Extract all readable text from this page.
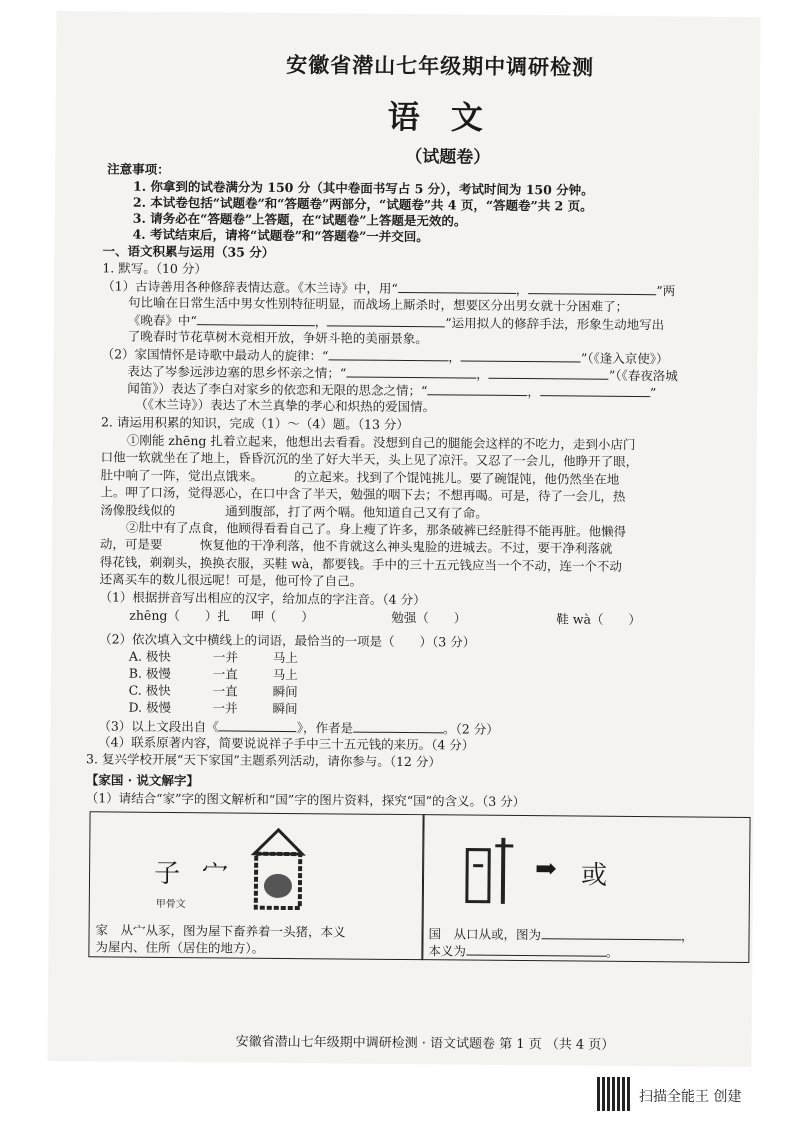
安徽省潜山七年级期中调研检测
语 文
（试题卷）
注意事项：
1. 你拿到的试卷满分为 150 分（其中卷面书写占 5 分），考试时间为 150 分钟。
2. 本试卷包括“试题卷”和“答题卷”两部分，“试题卷”共 4 页，“答题卷”共 2 页。
3. 请务必在“答题卷”上答题，在“试题卷”上答题是无效的。
4. 考试结束后，请将“试题卷”和“答题卷”一并交回。
一、语文积累与运用（35 分）
1. 默写。（10 分）
（1）古诗善用各种修辞表情达意。《木兰诗》中，用“	，	”两
句比喻在日常生活中男女性别特征明显，而战场上厮杀时，想要区分出男女就十分困难了；
《晚春》中“	，	”运用拟人的修辞手法，形象生动地写出
了晚春时节花草树木竞相开放，争妍斗艳的美丽景象。
（2）家国情怀是诗歌中最动人的旋律：“	，	”（《逢入京使》）
表达了岑参远涉边塞的思乡怀亲之情；“	，	”（《春夜洛城
闻笛》）表达了李白对家乡的依恋和无限的思念之情；“	，	”
（《木兰诗》）表达了木兰真挚的孝心和炽热的爱国情。
2. 请运用积累的知识，完成（1）～（4）题。（13 分）
①刚能 zhēng 扎着立起来，他想出去看看。没想到自己的腿能会这样的不吃力，走到小店门
口他一软就坐在了地上，昏昏沉沉的坐了好大半天，头上见了凉汗。又忍了一会儿，他睁开了眼，
肚中响了一阵，觉出点饿来。　　　的立起来。找到了个馄饨挑儿。要了碗馄饨，他仍然坐在地
上。呷了口汤，觉得恶心，在口中含了半天，勉强的咽下去；不想再喝。可是，待了一会儿，热
汤像股线似的　　　　通到腹部，打了两个嗝。他知道自己又有了命。
②肚中有了点食，他顾得看看自己了。身上瘦了许多，那条破裤已经脏得不能再脏。他懒得
动，可是要　　　恢复他的干净利落，他不肯就这么神头鬼脸的进城去。不过，要干净利落就
得花钱，剃剃头，换换衣服，买鞋 wà，都要钱。手中的三十五元钱应当一个不动，连一个不动
还离买车的数儿很远呢！可是，他可怜了自己。
（1）根据拼音写出相应的汉字，给加点的字注音。（4 分）
zhēng（　　）扎 呷（　　）	勉强（　　）	鞋 wà（　　）
（2）依次填入文中横线上的词语，最恰当的一项是（　　）（3 分）
A. 极快	一并	马上
B. 极慢	一直	马上
C. 极快	一直	瞬间
D. 极慢	一并	瞬间
（3）以上文段出自《	》，作者是	。（2 分）
（4）联系原著内容，简要说说祥子手中三十五元钱的来历。（4 分）
3. 复兴学校开展“天下家国”主题系列活动，请你参与。（12 分）
【家国 · 说文解字】
（1）请结合“家”字的图文解析和“国”字的图片资料，探究“国”的含义。（3 分）
⼦ 宀
甲骨文
家　从宀从豕，图为屋下畜养着一头猪，本义
为屋内、住所（居住的地方）。
➡ 或
国　从口从或，图为	，
本义为	。
安徽省潜山七年级期中调研检测 · 语文试题卷 第 1 页 （共 4 页）
扫描全能王 创建
